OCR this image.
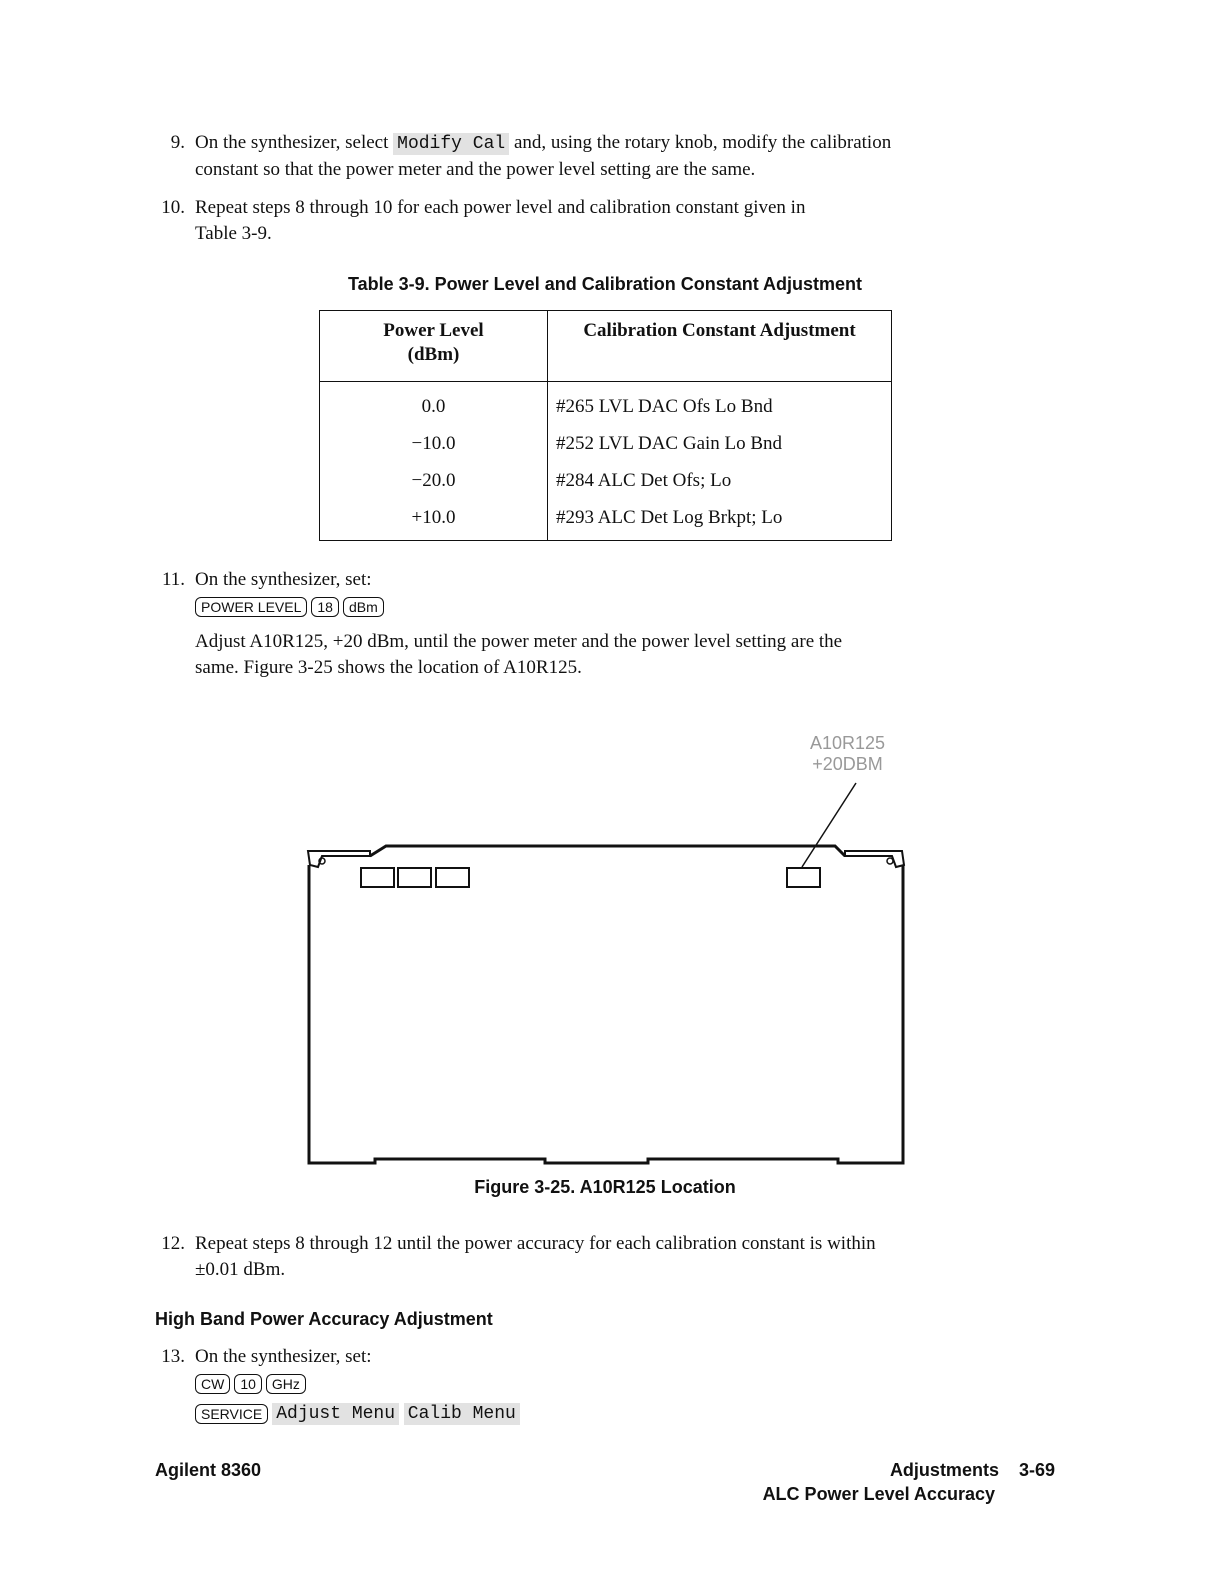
9. On the synthesizer, select Modify Cal and, using the rotary knob, modify the calibration
constant so that the power meter and the power level setting are the same.
10. Repeat steps 8 through 10 for each power level and calibration constant given in
Table 3-9.
Table 3-9. Power Level and Calibration Constant Adjustment
Power Level
(dBm)	Calibration Constant Adjustment
0.0	#265 LVL DAC Ofs Lo Bnd
−10.0	#252 LVL DAC Gain Lo Bnd
−20.0	#284 ALC Det Ofs; Lo
+10.0	#293 ALC Det Log Brkpt; Lo
11. On the synthesizer, set:
POWER LEVEL 18 dBm
Adjust A10R125, +20 dBm, until the power meter and the power level setting are the
same. Figure 3-25 shows the location of A10R125.
A10R125
+20DBM
Figure 3-25. A10R125 Location
12. Repeat steps 8 through 12 until the power accuracy for each calibration constant is within
±0.01 dBm.
High Band Power Accuracy Adjustment
13. On the synthesizer, set:
CW 10 GHz

SERVICE Adjust Menu Calib Menu
Agilent 8360	Adjustments 3-69
ALC Power Level Accuracy
